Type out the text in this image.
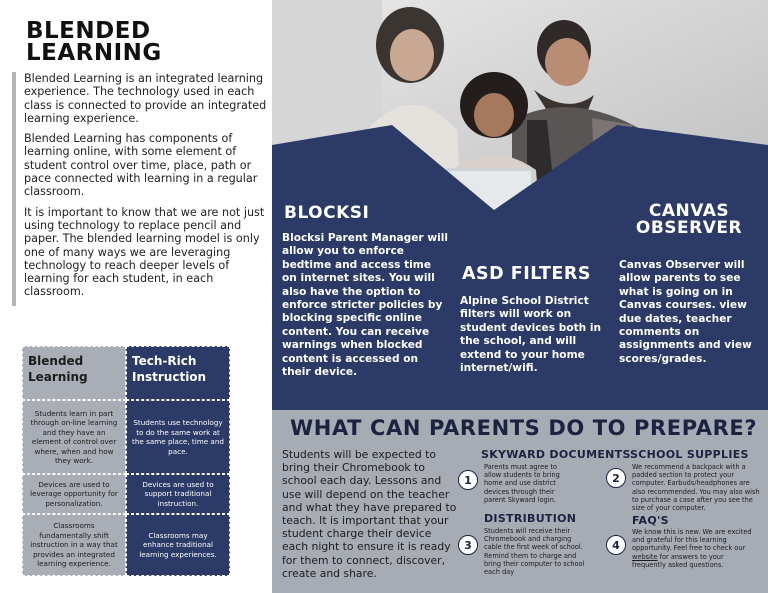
BLENDED
LEARNING

Blended Learning is an integrated learning experience. The technology used in each class is connected to provide an integrated learning experience.

Blended Learning has components of learning online, with some element of student control over time, place, path or pace connected with learning in a regular classroom.

It is important to know that we are not just using technology to replace pencil and paper. The blended learning model is only one of many ways we are leveraging technology to reach deeper levels of learning for each student, in each classroom.

Blended Learning
Students learn in part through on-line learning and they have an element of control over where, when and how they work.
Devices are used to leverage opportunity for personalization.
Classrooms fundamentally shift instruction in a way that provides an integrated learning experience.
Tech-Rich Instruction
Students use technology to do the same work at the same place, time and pace.
Devices are used to support traditional instruction.
Classrooms may enhance traditional learning experiences.
BLOCKSI
Blocksi Parent Manager will allow you to enforce bedtime and access time on internet sites. You will also have the option to enforce stricter policies by blocking specific online content. You can receive warnings when blocked content is accessed on their device.
ASD FILTERS
Alpine School District filters will work on student devices both in the school, and will extend to your home internet/wifi.
CANVAS
OBSERVER
Canvas Observer will allow parents to see what is going on in Canvas courses. view due dates, teacher comments on assignments and view scores/grades.
WHAT CAN PARENTS DO TO PREPARE?
Students will be expected to bring their Chromebook to school each day. Lessons and use will depend on the teacher and what they have prepared to teach. It is important that your student charge their device each night to ensure it is ready for them to connect, discover, create and share.
1
SKYWARD DOCUMENTS
Parents must agree to allow students to bring home and use district devices through their parent Skyward login.
2
SCHOOL SUPPLIES
We recommend a backpack with a padded section to protect your computer. Earbuds/headphones are also recommended. You may also wish to purchase a case after you see the size of your computer.
3
DISTRIBUTION
Students will receive their Chromebook and charging cable the first week of school. Remind them to charge and bring their computer to school each day
4
FAQ'S
We know this is new. We are excited and grateful for this learning opportunity. Feel free to check our website for answers to your frequently asked questions.
